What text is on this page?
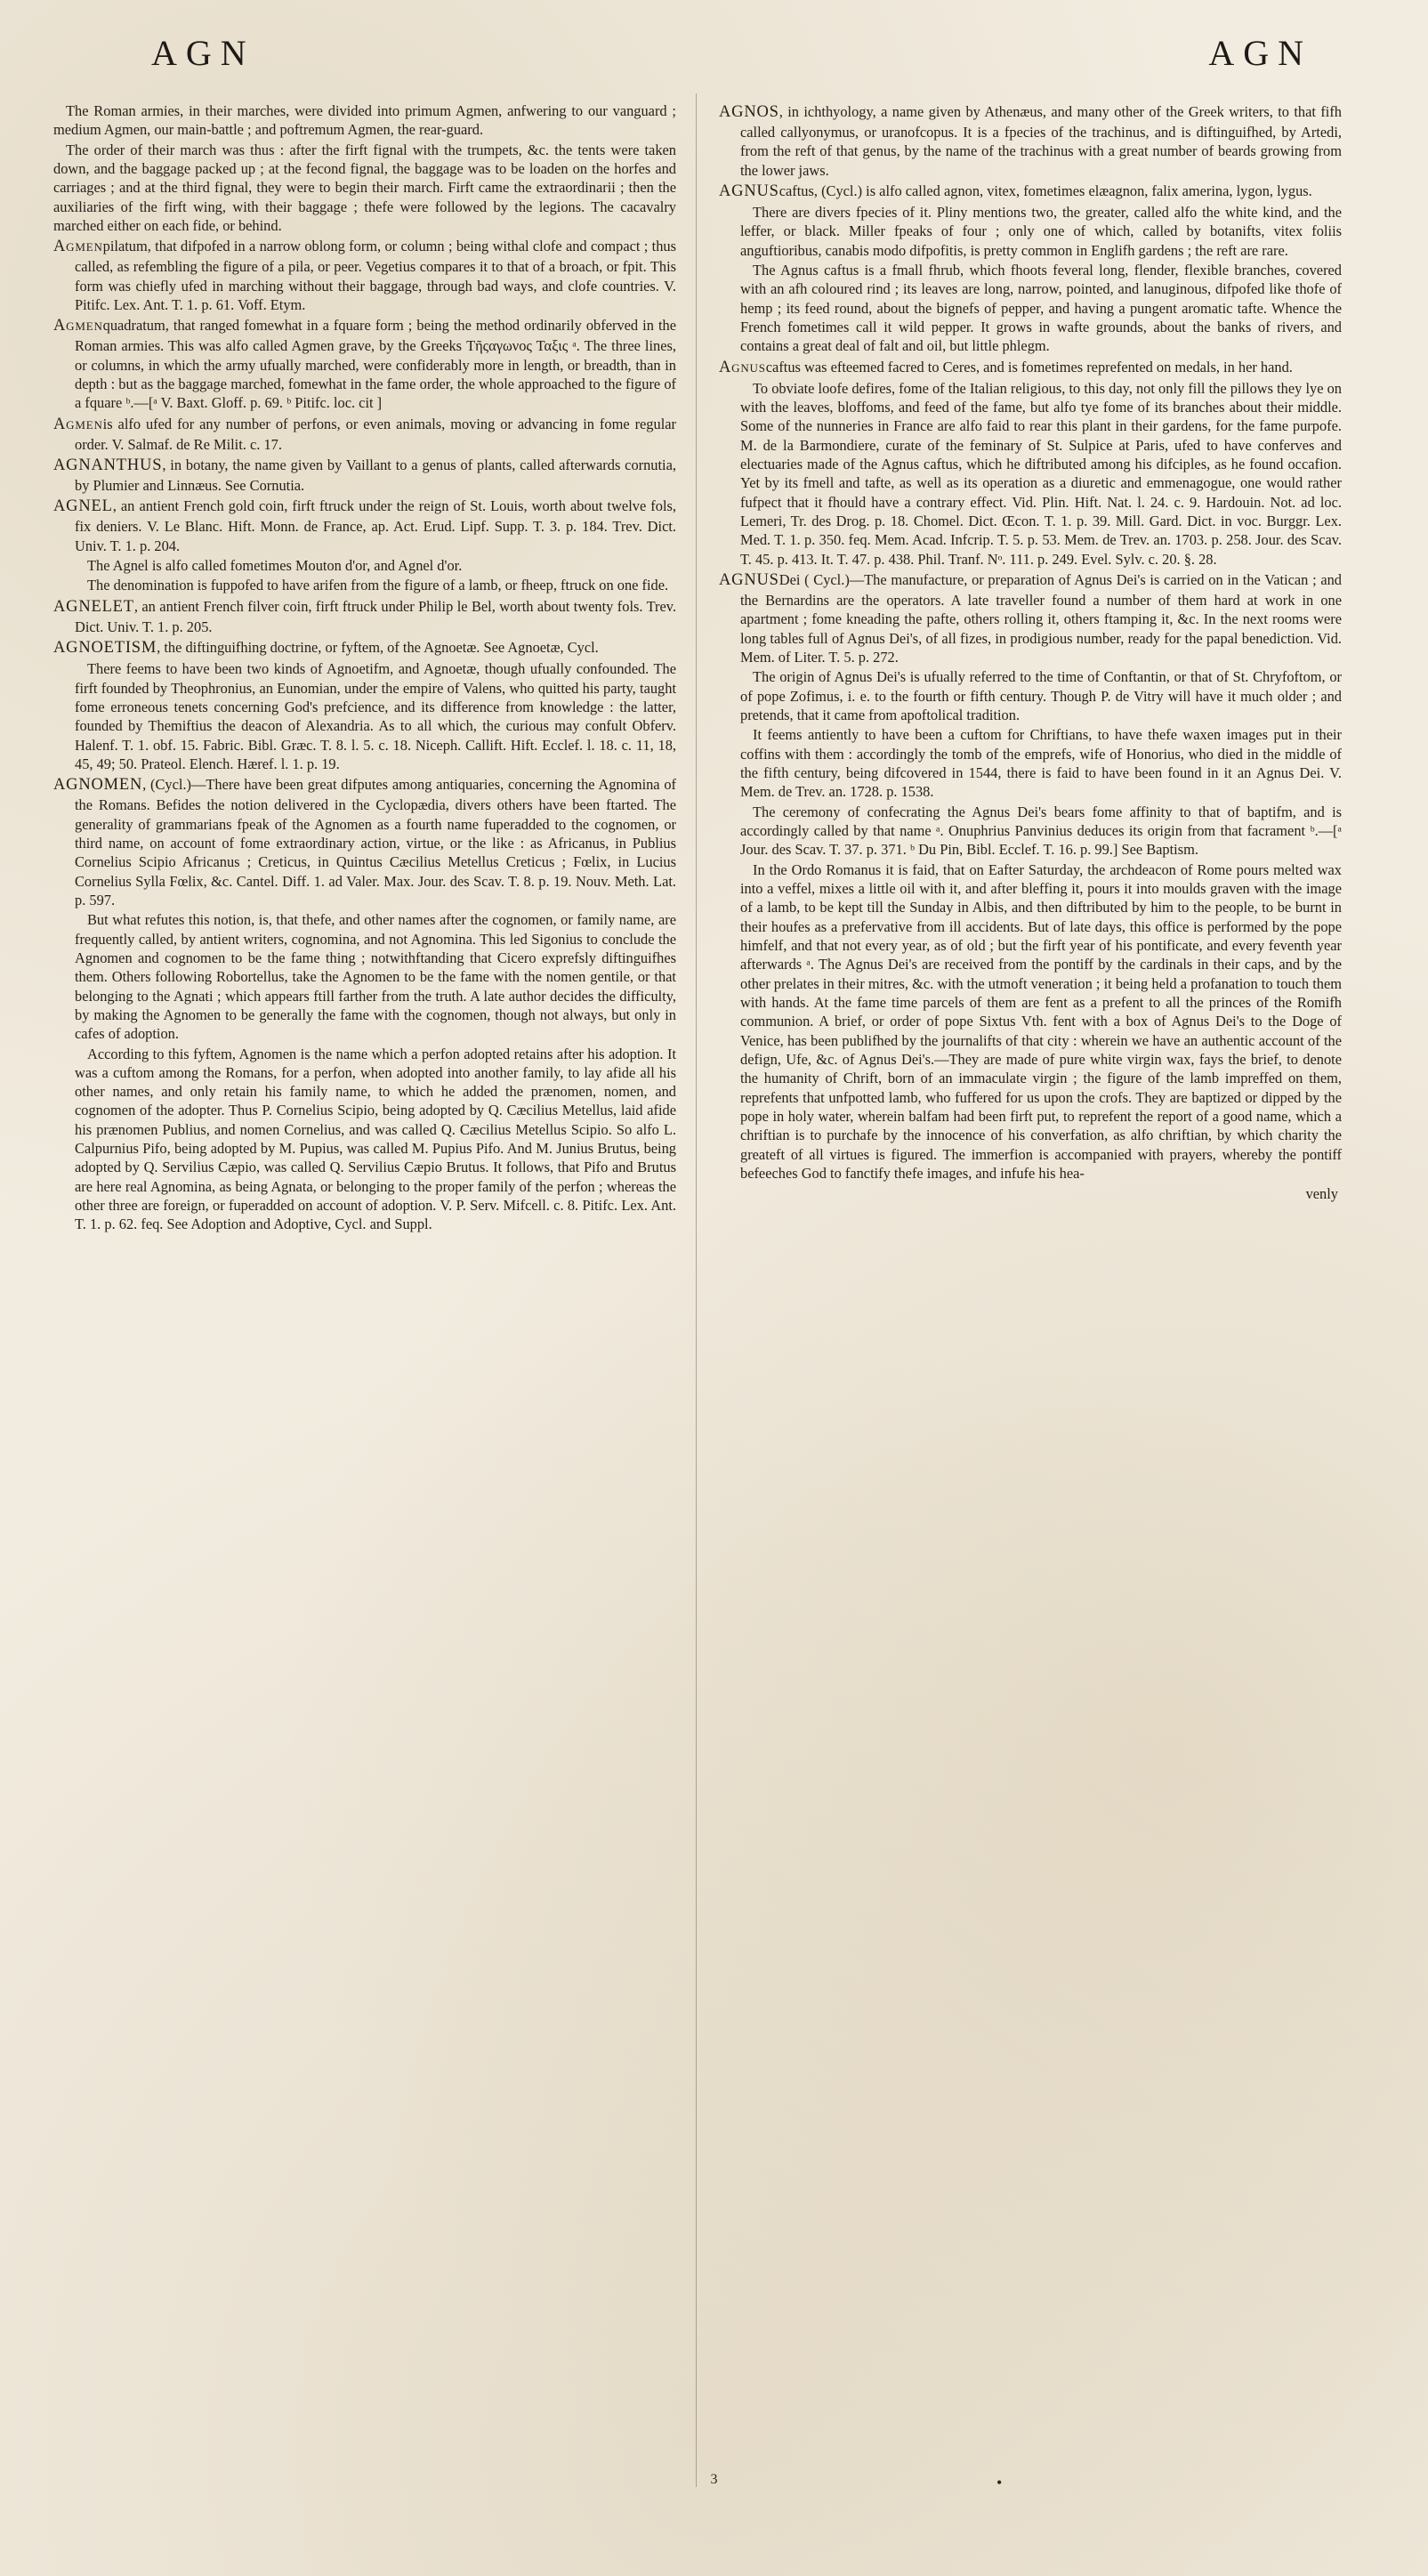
AGN	AGN

The Roman armies, in their marches, were divided into primum Agmen, anfwering to our vanguard ; medium Agmen, our main-battle ; and poftremum Agmen, the rear-guard.

The order of their march was thus : after the firft fignal with the trumpets, &c. the tents were taken down, and the baggage packed up ; at the fecond fignal, the baggage was to be loaden on the horfes and carriages ; and at the third fignal, they were to begin their march. Firft came the extraordinarii ; then the auxiliaries of the firft wing, with their baggage ; thefe were followed by the legions. The cacavalry marched either on each fide, or behind.

Agmenpilatum, that difpofed in a narrow oblong form, or column ; being withal clofe and compact ; thus called, as refembling the figure of a pila, or peer. Vegetius compares it to that of a broach, or fpit. This form was chiefly ufed in marching without their baggage, through bad ways, and clofe countries. V. Pitifc. Lex. Ant. T. 1. p. 61. Voff. Etym.

Agmenquadratum, that ranged fomewhat in a fquare form ; being the method ordinarily obferved in the Roman armies. This was alfo called Agmen grave, by the Greeks Τῆςαγωνος Ταξις ᵃ. The three lines, or columns, in which the army ufually marched, were confiderably more in length, or breadth, than in depth : but as the baggage marched, fomewhat in the fame order, the whole approached to the figure of a fquare ᵇ.—[ᵃ V. Baxt. Gloff. p. 69. ᵇ Pitifc. loc. cit ]

Agmenis alfo ufed for any number of perfons, or even animals, moving or advancing in fome regular order. V. Salmaf. de Re Milit. c. 17.

AGNANTHUS, in botany, the name given by Vaillant to a genus of plants, called afterwards cornutia, by Plumier and Linnæus. See Cornutia.

AGNEL, an antient French gold coin, firft ftruck under the reign of St. Louis, worth about twelve fols, fix deniers. V. Le Blanc. Hift. Monn. de France, ap. Act. Erud. Lipf. Supp. T. 3. p. 184. Trev. Dict. Univ. T. 1. p. 204.

The Agnel is alfo called fometimes Mouton d'or, and Agnel d'or.

The denomination is fuppofed to have arifen from the figure of a lamb, or fheep, ftruck on one fide.

AGNELET, an antient French filver coin, firft ftruck under Philip le Bel, worth about twenty fols. Trev. Dict. Univ. T. 1. p. 205.

AGNOETISM, the diftinguifhing doctrine, or fyftem, of the Agnoetæ. See Agnoetæ, Cycl.

There feems to have been two kinds of Agnoetifm, and Agnoetæ, though ufually confounded. The firft founded by Theophronius, an Eunomian, under the empire of Valens, who quitted his party, taught fome erroneous tenets concerning God's prefcience, and its difference from knowledge : the latter, founded by Themiftius the deacon of Alexandria. As to all which, the curious may confult Obferv. Halenf. T. 1. obf. 15. Fabric. Bibl. Græc. T. 8. l. 5. c. 18. Niceph. Callift. Hift. Ecclef. l. 18. c. 11, 18, 45, 49; 50. Prateol. Elench. Hæref. l. 1. p. 19.

AGNOMEN, (Cycl.)—There have been great difputes among antiquaries, concerning the Agnomina of the Romans. Befides the notion delivered in the Cyclopædia, divers others have been ftarted. The generality of grammarians fpeak of the Agnomen as a fourth name fuperadded to the cognomen, or third name, on account of fome extraordinary action, virtue, or the like : as Africanus, in Publius Cornelius Scipio Africanus ; Creticus, in Quintus Cæcilius Metellus Creticus ; Fœlix, in Lucius Cornelius Sylla Fœlix, &c. Cantel. Diff. 1. ad Valer. Max. Jour. des Scav. T. 8. p. 19. Nouv. Meth. Lat. p. 597.

But what refutes this notion, is, that thefe, and other names after the cognomen, or family name, are frequently called, by antient writers, cognomina, and not Agnomina. This led Sigonius to conclude the Agnomen and cognomen to be the fame thing ; notwithftanding that Cicero exprefsly diftinguifhes them. Others following Robortellus, take the Agnomen to be the fame with the nomen gentile, or that belonging to the Agnati ; which appears ftill farther from the truth. A late author decides the difficulty, by making the Agnomen to be generally the fame with the cognomen, though not always, but only in cafes of adoption.

According to this fyftem, Agnomen is the name which a perfon adopted retains after his adoption. It was a cuftom among the Romans, for a perfon, when adopted into another family, to lay afide all his other names, and only retain his family name, to which he added the prænomen, nomen, and cognomen of the adopter. Thus P. Cornelius Scipio, being adopted by Q. Cæcilius Metellus, laid afide his prænomen Publius, and nomen Cornelius, and was called Q. Cæcilius Metellus Scipio. So alfo L. Calpurnius Pifo, being adopted by M. Pupius, was called M. Pupius Pifo. And M. Junius Brutus, being adopted by Q. Servilius Cæpio, was called Q. Servilius Cæpio Brutus. It follows, that Pifo and Brutus are here real Agnomina, as being Agnata, or belonging to the proper family of the perfon ; whereas the other three are foreign, or fuperadded on account of adoption. V. P. Serv. Mifcell. c. 8. Pitifc. Lex. Ant. T. 1. p. 62. feq. See Adoption and Adoptive, Cycl. and Suppl.

AGNOS, in ichthyology, a name given by Athenæus, and many other of the Greek writers, to that fifh called callyonymus, or uranofcopus. It is a fpecies of the trachinus, and is diftinguifhed, by Artedi, from the reft of that genus, by the name of the trachinus with a great number of beards growing from the lower jaws.

AGNUScaftus, (Cycl.) is alfo called agnon, vitex, fometimes elæagnon, falix amerina, lygon, lygus.

There are divers fpecies of it. Pliny mentions two, the greater, called alfo the white kind, and the leffer, or black. Miller fpeaks of four ; only one of which, called by botanifts, vitex foliis anguftioribus, canabis modo difpofitis, is pretty common in Englifh gardens ; the reft are rare.

The Agnus caftus is a fmall fhrub, which fhoots feveral long, flender, flexible branches, covered with an afh coloured rind ; its leaves are long, narrow, pointed, and lanuginous, difpofed like thofe of hemp ; its feed round, about the bignefs of pepper, and having a pungent aromatic tafte. Whence the French fometimes call it wild pepper. It grows in wafte grounds, about the banks of rivers, and contains a great deal of falt and oil, but little phlegm.

Agnuscaftus was efteemed facred to Ceres, and is fometimes reprefented on medals, in her hand.

To obviate loofe defires, fome of the Italian religious, to this day, not only fill the pillows they lye on with the leaves, bloffoms, and feed of the fame, but alfo tye fome of its branches about their middle. Some of the nunneries in France are alfo faid to rear this plant in their gardens, for the fame purpofe. M. de la Barmondiere, curate of the feminary of St. Sulpice at Paris, ufed to have conferves and electuaries made of the Agnus caftus, which he diftributed among his difciples, as he found occafion. Yet by its fmell and tafte, as well as its operation as a diuretic and emmenagogue, one would rather fufpect that it fhould have a contrary effect. Vid. Plin. Hift. Nat. l. 24. c. 9. Hardouin. Not. ad loc. Lemeri, Tr. des Drog. p. 18. Chomel. Dict. Œcon. T. 1. p. 39. Mill. Gard. Dict. in voc. Burggr. Lex. Med. T. 1. p. 350. feq. Mem. Acad. Infcrip. T. 5. p. 53. Mem. de Trev. an. 1703. p. 258. Jour. des Scav. T. 45. p. 413. It. T. 47. p. 438. Phil. Tranf. Nᵒ. 111. p. 249. Evel. Sylv. c. 20. §. 28.

AGNUSDei ( Cycl.)—The manufacture, or preparation of Agnus Dei's is carried on in the Vatican ; and the Bernardins are the operators. A late traveller found a number of them hard at work in one apartment ; fome kneading the pafte, others rolling it, others ftamping it, &c. In the next rooms were long tables full of Agnus Dei's, of all fizes, in prodigious number, ready for the papal benediction. Vid. Mem. of Liter. T. 5. p. 272.

The origin of Agnus Dei's is ufually referred to the time of Conftantin, or that of St. Chryfoftom, or of pope Zofimus, i. e. to the fourth or fifth century. Though P. de Vitry will have it much older ; and pretends, that it came from apoftolical tradition.

It feems antiently to have been a cuftom for Chriftians, to have thefe waxen images put in their coffins with them : accordingly the tomb of the emprefs, wife of Honorius, who died in the middle of the fifth century, being difcovered in 1544, there is faid to have been found in it an Agnus Dei. V. Mem. de Trev. an. 1728. p. 1538.

The ceremony of confecrating the Agnus Dei's bears fome affinity to that of baptifm, and is accordingly called by that name ᵃ. Onuphrius Panvinius deduces its origin from that facrament ᵇ.—[ᵃ Jour. des Scav. T. 37. p. 371. ᵇ Du Pin, Bibl. Ecclef. T. 16. p. 99.] See Baptism.

In the Ordo Romanus it is faid, that on Eafter Saturday, the archdeacon of Rome pours melted wax into a veffel, mixes a little oil with it, and after bleffing it, pours it into moulds graven with the image of a lamb, to be kept till the Sunday in Albis, and then diftributed by him to the people, to be burnt in their houfes as a prefervative from ill accidents. But of late days, this office is performed by the pope himfelf, and that not every year, as of old ; but the firft year of his pontificate, and every feventh year afterwards ᵃ. The Agnus Dei's are received from the pontiff by the cardinals in their caps, and by the other prelates in their mitres, &c. with the utmoft veneration ; it being held a profanation to touch them with hands. At the fame time parcels of them are fent as a prefent to all the princes of the Romifh communion. A brief, or order of pope Sixtus Vth. fent with a box of Agnus Dei's to the Doge of Venice, has been publifhed by the journalifts of that city : wherein we have an authentic account of the defign, Ufe, &c. of Agnus Dei's.—They are made of pure white virgin wax, fays the brief, to denote the humanity of Chrift, born of an immaculate virgin ; the figure of the lamb impreffed on them, reprefents that unfpotted lamb, who fuffered for us upon the crofs. They are baptized or dipped by the pope in holy water, wherein balfam had been firft put, to reprefent the report of a good name, which a chriftian is to purchafe by the innocence of his converfation, as alfo chriftian, by which charity the greateft of all virtues is figured. The immerfion is accompanied with prayers, whereby the pontiff befeeches God to fanctify thefe images, and infufe his hea-

venly
3	•
